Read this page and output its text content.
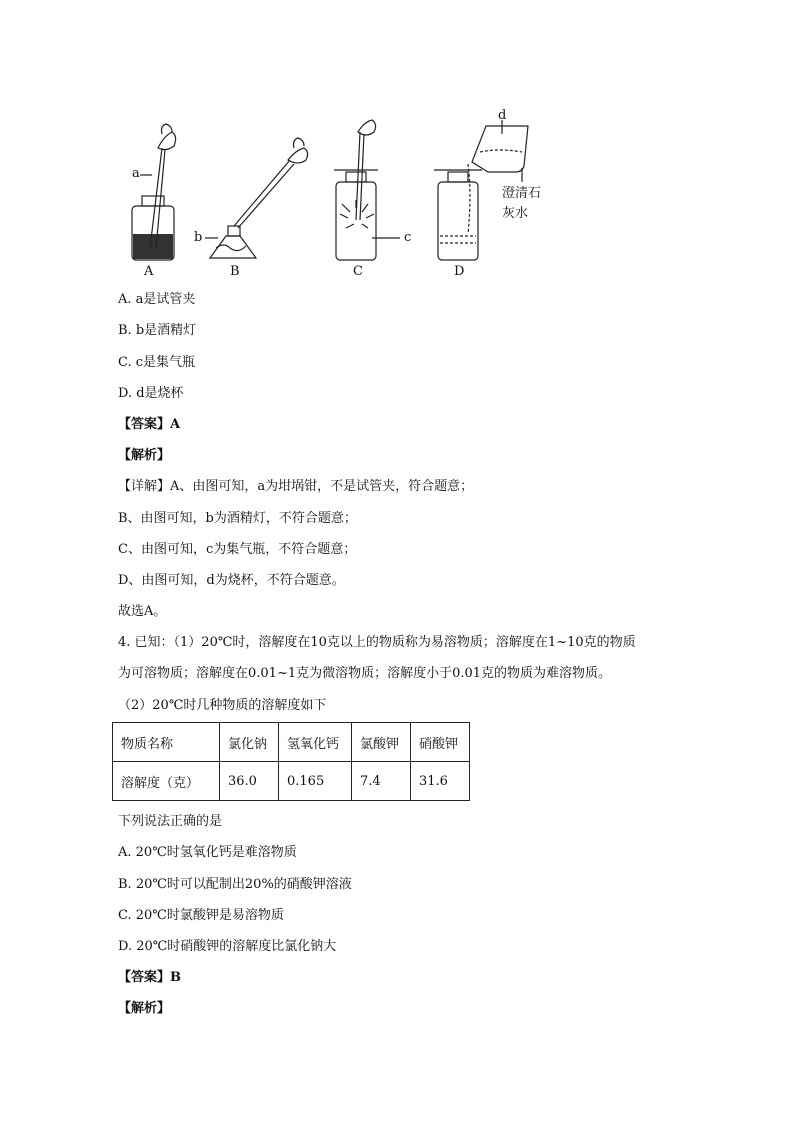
a
b	c
d
澄清石
灰水
A	B	C	D
A. a是试管夹
B. b是酒精灯
C. c是集气瓶
D. d是烧杯
【答案】A
【解析】
【详解】A、由图可知，a为坩埚钳，不是试管夹，符合题意；
B、由图可知，b为酒精灯，不符合题意；
C、由图可知，c为集气瓶，不符合题意；
D、由图可知，d为烧杯，不符合题意。
故选A。
4. 已知：（1）20℃时，溶解度在10克以上的物质称为易溶物质；溶解度在1~10克的物质
为可溶物质；溶解度在0.01~1克为微溶物质；溶解度小于0.01克的物质为难溶物质。
（2）20℃时几种物质的溶解度如下
物质名称	氯化钠	氢氧化钙	氯酸钾	硝酸钾
溶解度（克）	36.0	0.165	7.4	31.6
下列说法正确的是
A. 20℃时氢氧化钙是难溶物质
B. 20℃时可以配制出20%的硝酸钾溶液
C. 20℃时氯酸钾是易溶物质
D. 20℃时硝酸钾的溶解度比氯化钠大
【答案】B
【解析】
